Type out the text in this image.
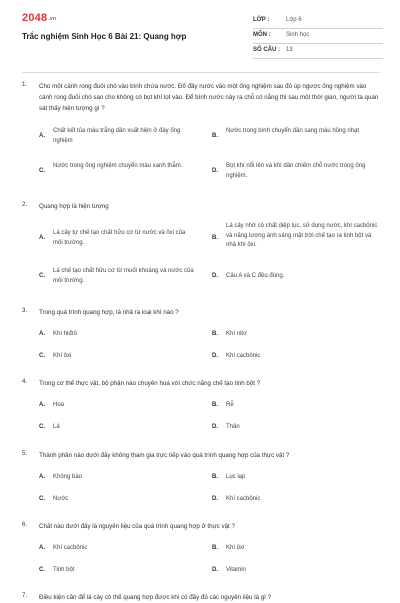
2048.vn
Trắc nghiệm Sinh Học 6 Bài 21: Quang hợp
LỚP :	Lớp 6
MÔN :	Sinh học
SỐ CÂU : 13
1. Cho một cành rong đuôi chó vào bình chứa nước. Đổ đầy nước vào một ống nghiệm sau đó úp ngược ống nghiệm vào cành rong đuôi chó sao cho không có bọt khí lọt vào. Để bình nước này ra chỗ có nắng thì sau một thời gian, người ta quan sát thấy hiện tượng gì ?
A.
Chất kết tủa màu trắng dần xuất hiện ở đáy ống nghiệm
B.
Nước trong bình chuyển dần sang màu hồng nhạt
C.
Nước trong ống nghiệm chuyển màu xanh thẫm.
D.
Bọt khí nổi lên và khí dần chiếm chỗ nước trong ống nghiệm.
2. Quang hợp là hiện tượng
A.
Lá cây tự chế tạo chất hữu cơ từ nước và ôxi của môi trường.
B.
Lá cây nhờ có chất diệp lục, sử dụng nước, khí cacbônic và năng lượng ánh sáng mặt trời chế tạo ra tinh bột và nhả khí ôxi.
C.
Lá chế tạo chất hữu cơ từ muối khoáng và nước của môi trường.
D. Câu A và C đều đúng.
3. Trong quá trình quang hợp, lá nhả ra loại khí nào ?
A. Khí hiđrô	B. Khí nitơ
C. Khí ôxi	D. Khí cacbônic
4. Trong cơ thể thực vật, bộ phận nào chuyên hoá với chức năng chế tạo tinh bột ?
A. Hoa	B. Rễ
C. Lá	D. Thân
5. Thành phần nào dưới đây không tham gia trực tiếp vào quá trình quang hợp của thực vật ?
A. Không bào	B. Lục lạp
C. Nước	D. Khí cacbônic
6. Chất nào dưới đây là nguyên liệu của quá trình quang hợp ở thực vật ?
A. Khí cacbônic	B. Khí ôxi
C. Tinh bột	D. Vitamin
7. Điều kiện cần để lá cây có thể quang hợp được khi có đầy đủ các nguyên liệu là gì ?
